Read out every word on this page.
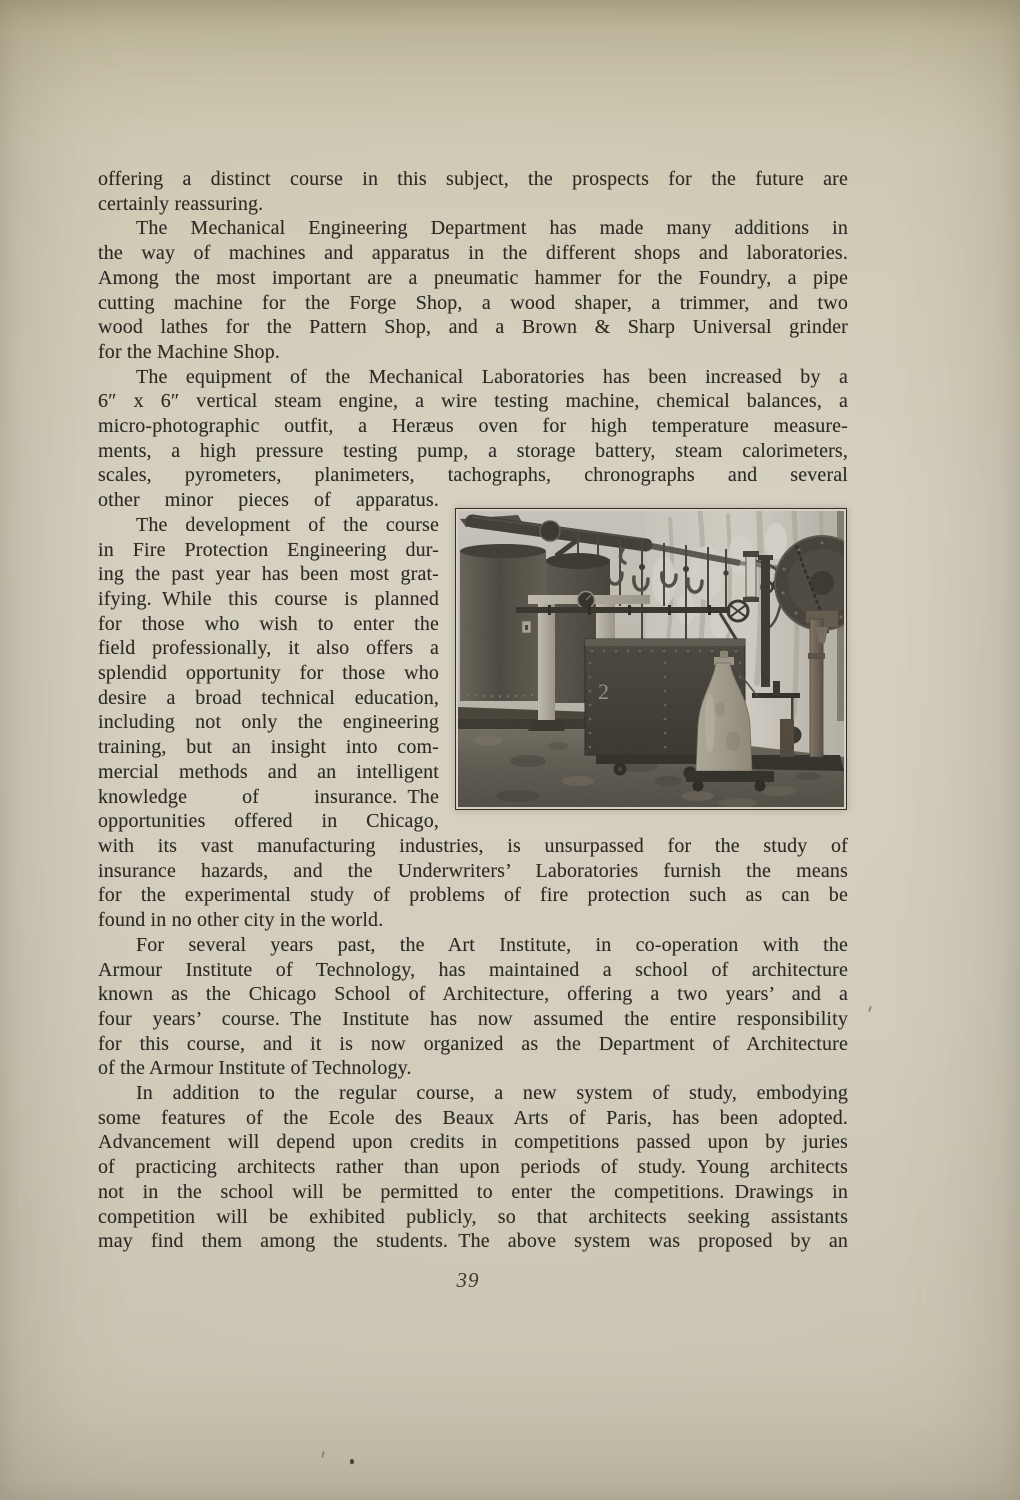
offering a distinct course in this subject, the prospects for the future are
certainly reassuring.
The Mechanical Engineering Department has made many additions in
the way of machines and apparatus in the different shops and laboratories.
Among the most important are a pneumatic hammer for the Foundry, a pipe
cutting machine for the Forge Shop, a wood shaper, a trimmer, and two
wood lathes for the Pattern Shop, and a Brown & Sharp Universal grinder
for the Machine Shop.
The equipment of the Mechanical Laboratories has been increased by a
6″ x 6″ vertical steam engine, a wire testing machine, chemical balances, a
micro-photographic outfit, a Heræus oven for high temperature measure-
ments, a high pressure testing pump, a storage battery, steam calorimeters,
scales, pyrometers, planimeters, tachographs, chronographs and several
other minor pieces of apparatus.
The development of the course
in Fire Protection Engineering dur-
ing the past year has been most grat-
ifying. While this course is planned
for those who wish to enter the
field professionally, it also offers a
splendid opportunity for those who
desire a broad technical education,
including not only the engineering
training, but an insight into com-
mercial methods and an intelligent
knowledge of insurance. The
opportunities offered in Chicago,
with its vast manufacturing industries, is unsurpassed for the study of
insurance hazards, and the Underwriters’ Laboratories furnish the means
for the experimental study of problems of fire protection such as can be
found in no other city in the world.
For several years past, the Art Institute, in co-operation with the
Armour Institute of Technology, has maintained a school of architecture
known as the Chicago School of Architecture, offering a two years’ and a
four years’ course. The Institute has now assumed the entire responsibility
for this course, and it is now organized as the Department of Architecture
of the Armour Institute of Technology.
In addition to the regular course, a new system of study, embodying
some features of the Ecole des Beaux Arts of Paris, has been adopted.
Advancement will depend upon credits in competitions passed upon by juries
of practicing architects rather than upon periods of study. Young architects
not in the school will be permitted to enter the competitions. Drawings in
competition will be exhibited publicly, so that architects seeking assistants
may find them among the students. The above system was proposed by an
39
